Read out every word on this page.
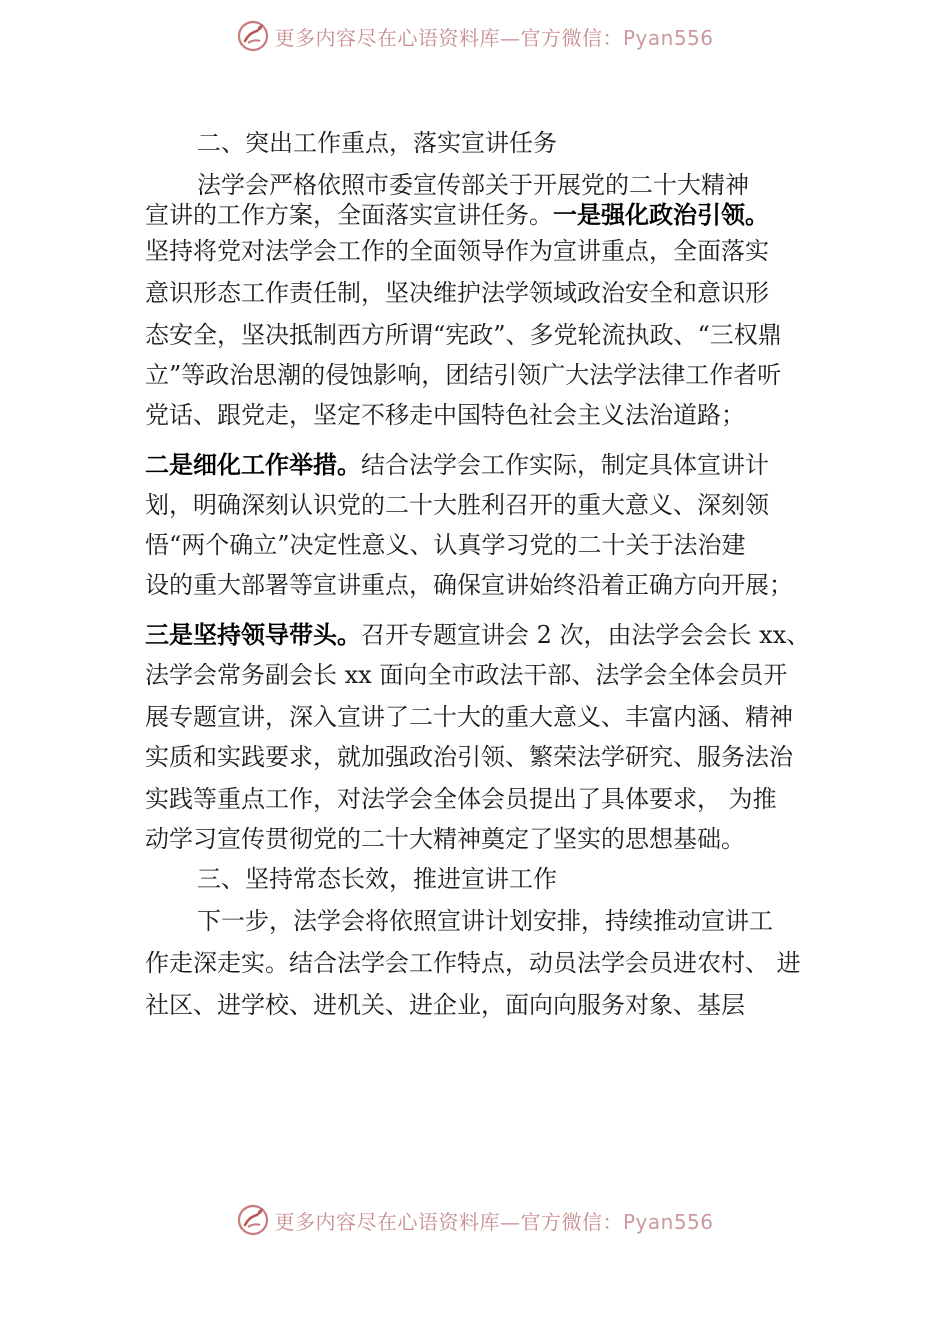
更多内容尽在心语资料库—官方微信：Pyan556
二、突出工作重点，落实宣讲任务
法学会严格依照市委宣传部关于开展党的二十大精神
宣讲的工作方案，全面落实宣讲任务。一是强化政治引领。
坚持将党对法学会工作的全面领导作为宣讲重点，全面落实
意识形态工作责任制，坚决维护法学领域政治安全和意识形
态安全，坚决抵制西方所谓“宪政”、多党轮流执政、“三权鼎
立”等政治思潮的侵蚀影响，团结引领广大法学法律工作者听
党话、跟党走，坚定不移走中国特色社会主义法治道路；
二是细化工作举措。结合法学会工作实际，制定具体宣讲计
划，明确深刻认识党的二十大胜利召开的重大意义、深刻领
悟“两个确立”决定性意义、认真学习党的二十关于法治建
设的重大部署等宣讲重点，确保宣讲始终沿着正确方向开展；
三是坚持领导带头。召开专题宣讲会 2 次，由法学会会长 xx、
法学会常务副会长 xx 面向全市政法干部、法学会全体会员开
展专题宣讲，深入宣讲了二十大的重大意义、丰富内涵、精神
实质和实践要求，就加强政治引领、繁荣法学研究、服务法治
实践等重点工作，对法学会全体会员提出了具体要求， 为推
动学习宣传贯彻党的二十大精神奠定了坚实的思想基础。
三、坚持常态长效，推进宣讲工作
下一步，法学会将依照宣讲计划安排，持续推动宣讲工
作走深走实。结合法学会工作特点，动员法学会员进农村、 进
社区、进学校、进机关、进企业，面向向服务对象、基层
更多内容尽在心语资料库—官方微信：Pyan556
